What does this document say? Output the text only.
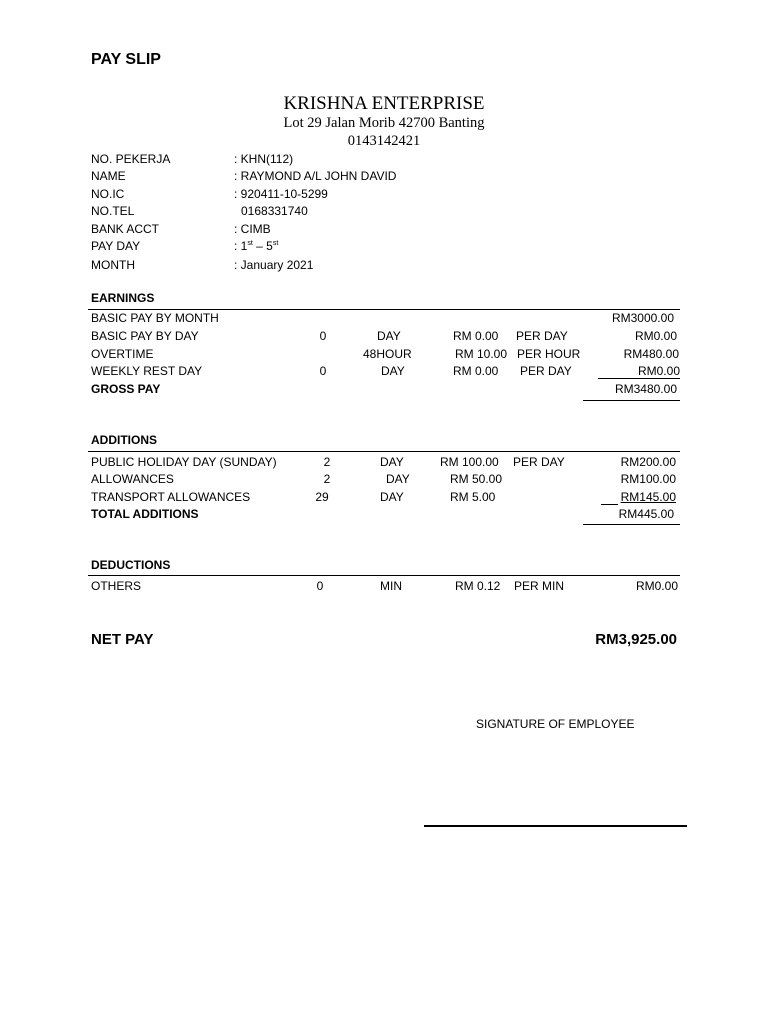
PAY SLIP
KRISHNA ENTERPRISE
Lot 29 Jalan Morib 42700 Banting
0143142421
NO. PEKERJA	: KHN(112)
NAME	: RAYMOND A/L JOHN DAVID
NO.IC	: 920411-10-5299
NO.TEL	0168331740
BANK ACCT	: CIMB
PAY DAY	: 1st – 5st
MONTH	: January 2021
EARNINGS
BASIC PAY BY MONTH	RM3000.00
BASIC PAY BY DAY	0	DAY	RM 0.00 PER DAY	RM0.00
OVERTIME	48HOUR	RM 10.00 PER HOUR	RM480.00
WEEKLY REST DAY	0	DAY	RM 0.00 PER DAY	RM0.00
GROSS PAY	RM3480.00
ADDITIONS
PUBLIC HOLIDAY DAY (SUNDAY)	2	DAY	RM 100.00 PER DAY	RM200.00
ALLOWANCES	2	DAY	RM 50.00	RM100.00
TRANSPORT ALLOWANCES	29	DAY	RM 5.00	RM145.00
TOTAL ADDITIONS	RM445.00
DEDUCTIONS
OTHERS	0	MIN	RM 0.12 PER MIN	RM0.00
NET PAY	RM3,925.00
SIGNATURE OF EMPLOYEE
